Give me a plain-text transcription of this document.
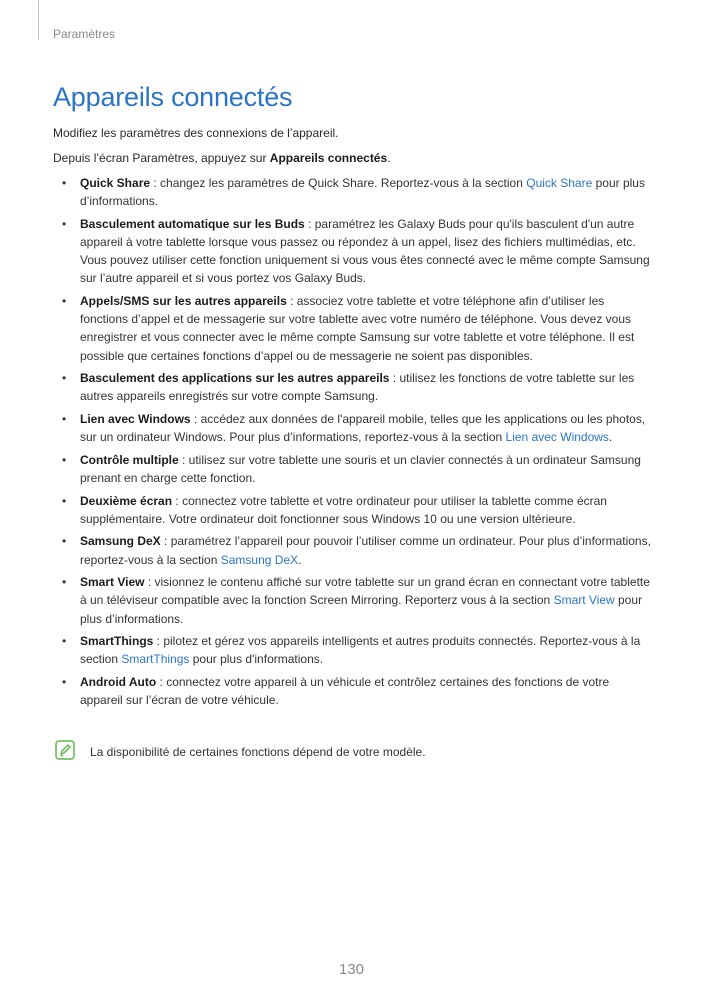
Paramètres
Appareils connectés
Modifiez les paramètres des connexions de l’appareil.
Depuis l’écran Paramètres, appuyez sur Appareils connectés.
• Quick Share : changez les paramètres de Quick Share. Reportez-vous à la section Quick Share pour plus d’informations.
• Basculement automatique sur les Buds : paramétrez les Galaxy Buds pour qu'ils basculent d'un autre appareil à votre tablette lorsque vous passez ou répondez à un appel, lisez des fichiers multimédias, etc. Vous pouvez utiliser cette fonction uniquement si vous vous êtes connecté avec le même compte Samsung sur l’autre appareil et si vous portez vos Galaxy Buds.
• Appels/SMS sur les autres appareils : associez votre tablette et votre téléphone afin d’utiliser les fonctions d’appel et de messagerie sur votre tablette avec votre numéro de téléphone. Vous devez vous enregistrer et vous connecter avec le même compte Samsung sur votre tablette et votre téléphone. Il est possible que certaines fonctions d’appel ou de messagerie ne soient pas disponibles.
• Basculement des applications sur les autres appareils : utilisez les fonctions de votre tablette sur les autres appareils enregistrés sur votre compte Samsung.
• Lien avec Windows : accédez aux données de l'appareil mobile, telles que les applications ou les photos, sur un ordinateur Windows. Pour plus d’informations, reportez-vous à la section Lien avec Windows.
• Contrôle multiple : utilisez sur votre tablette une souris et un clavier connectés à un ordinateur Samsung prenant en charge cette fonction.
• Deuxième écran : connectez votre tablette et votre ordinateur pour utiliser la tablette comme écran supplémentaire. Votre ordinateur doit fonctionner sous Windows 10 ou une version ultérieure.
• Samsung DeX : paramétrez l’appareil pour pouvoir l’utiliser comme un ordinateur. Pour plus d’informations, reportez-vous à la section Samsung DeX.
• Smart View : visionnez le contenu affiché sur votre tablette sur un grand écran en connectant votre tablette à un téléviseur compatible avec la fonction Screen Mirroring. Reporterz vous à la section Smart View pour plus d’informations.
• SmartThings : pilotez et gérez vos appareils intelligents et autres produits connectés. Reportez-vous à la section SmartThings pour plus d'informations.
• Android Auto : connectez votre appareil à un véhicule et contrôlez certaines des fonctions de votre appareil sur l’écran de votre véhicule.
La disponibilité de certaines fonctions dépend de votre modèle.
130
